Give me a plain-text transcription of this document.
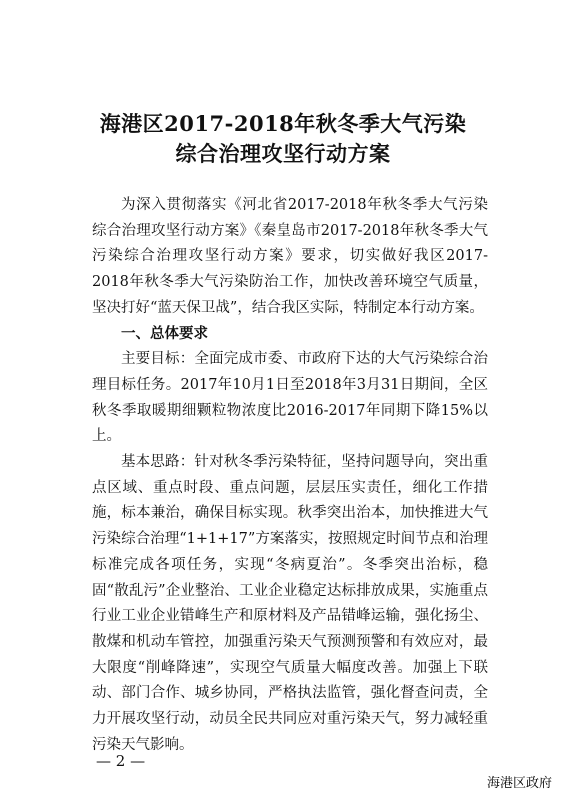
海港区2017-2018年秋冬季大气污染
综合治理攻坚行动方案

为深入贯彻落实《河北省2017-2018年秋冬季大气污染综合治理攻坚行动方案》《秦皇岛市2017-2018年秋冬季大气污染综合治理攻坚行动方案》要求，切实做好我区2017-2018年秋冬季大气污染防治工作，加快改善环境空气质量，坚决打好“蓝天保卫战”，结合我区实际，特制定本行动方案。

一、总体要求

主要目标：全面完成市委、市政府下达的大气污染综合治理目标任务。2017年10月1日至2018年3月31日期间，全区秋冬季取暖期细颗粒物浓度比2016-2017年同期下降15%以上。

基本思路：针对秋冬季污染特征，坚持问题导向，突出重点区域、重点时段、重点问题，层层压实责任，细化工作措施，标本兼治，确保目标实现。秋季突出治本，加快推进大气污染综合治理“1+1+17”方案落实，按照规定时间节点和治理标准完成各项任务，实现“冬病夏治”。冬季突出治标，稳固“散乱污”企业整治、工业企业稳定达标排放成果，实施重点行业工业企业错峰生产和原材料及产品错峰运输，强化扬尘、散煤和机动车管控，加强重污染天气预测预警和有效应对，最大限度“削峰降速”，实现空气质量大幅度改善。加强上下联动、部门合作、城乡协同，严格执法监管，强化督查问责，全力开展攻坚行动，动员全民共同应对重污染天气，努力减轻重污染天气影响。

— 2 —
海港区政府
